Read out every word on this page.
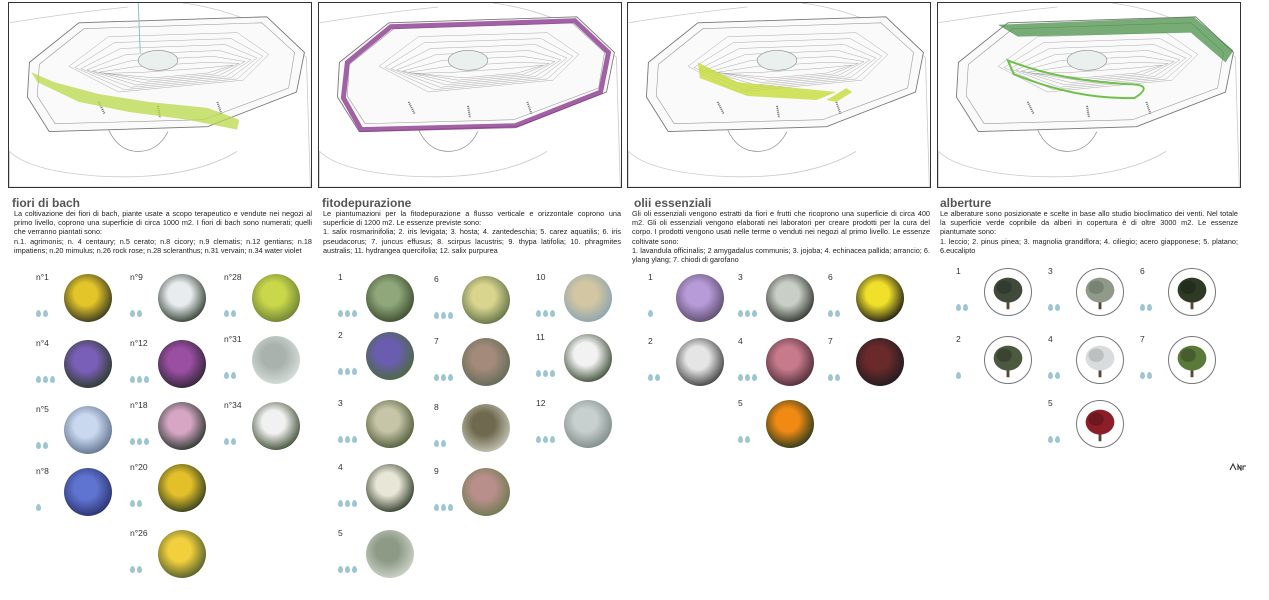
fiori di bach	fitodepurazione	olii essenziali	alberture

La coltivazione dei fiori di bach, piante usate a scopo terapeutico e vendute nei negozi al primo livello, coprono una superficie di circa 1000 m2. I fiori di bach sono numerati; quelli che verranno piantati sono:

n.1. agrimonis; n. 4 centaury; n.5 cerato; n.8 cicory; n.9 clematis; n.12 gentians; n.18 impatiens; n.20 mimulus; n.26 rock rose; n.28 scleranthus; n.31 vervain; n.34 water violet

Le piantumazioni per la fitodepurazione a flusso verticale e orizzontale coprono una superficie di 1200 m2. Le essenze previste sono:

1. salix rosmarinifolia; 2. iris levigata; 3. hosta; 4. zantedeschia; 5. carez aquatilis; 6. iris pseudacorus; 7. juncus effusus; 8. scirpus lacustris; 9. thypa latifolia; 10. phragmites australis; 11. hydrangea quercifolia; 12. salix purpurea

Gli oli essenziali vengono estratti da fiori e frutti che ricoprono una superficie di circa 400 m2. Gli oli essenziali vengono elaborati nei laboratori per creare prodotti per la cura del corpo. I prodotti vengono usati nelle terme o venduti nei negozi al primo livello. Le essenze coltivate sono:

1. lavandula officinalis; 2 amygadalus communis; 3. jojoba; 4. echinacea pallida; arrancio; 6. ylang ylang; 7. chiodi di garofano

Le alberature sono posizionate e scelte in base allo studio bioclimatico dei venti. Nel totale la superficie verde copribile da alberi in copertura è di oltre 3000 m2. Le essenze piantumate sono:

1. leccio; 2. pinus pinea; 3. magnolia grandiflora; 4. ciliegio; acero giapponese; 5. platano; 6.eucalipto

n°1
n°4
n°5
n°8
n°9
n°12
n°18
n°20
n°26
n°28
n°31
n°34
1
2
3
4
5
6
7
8
9
10
11
12
1
2
3
4
5
6
7
1
2
3
4
5
6
7
